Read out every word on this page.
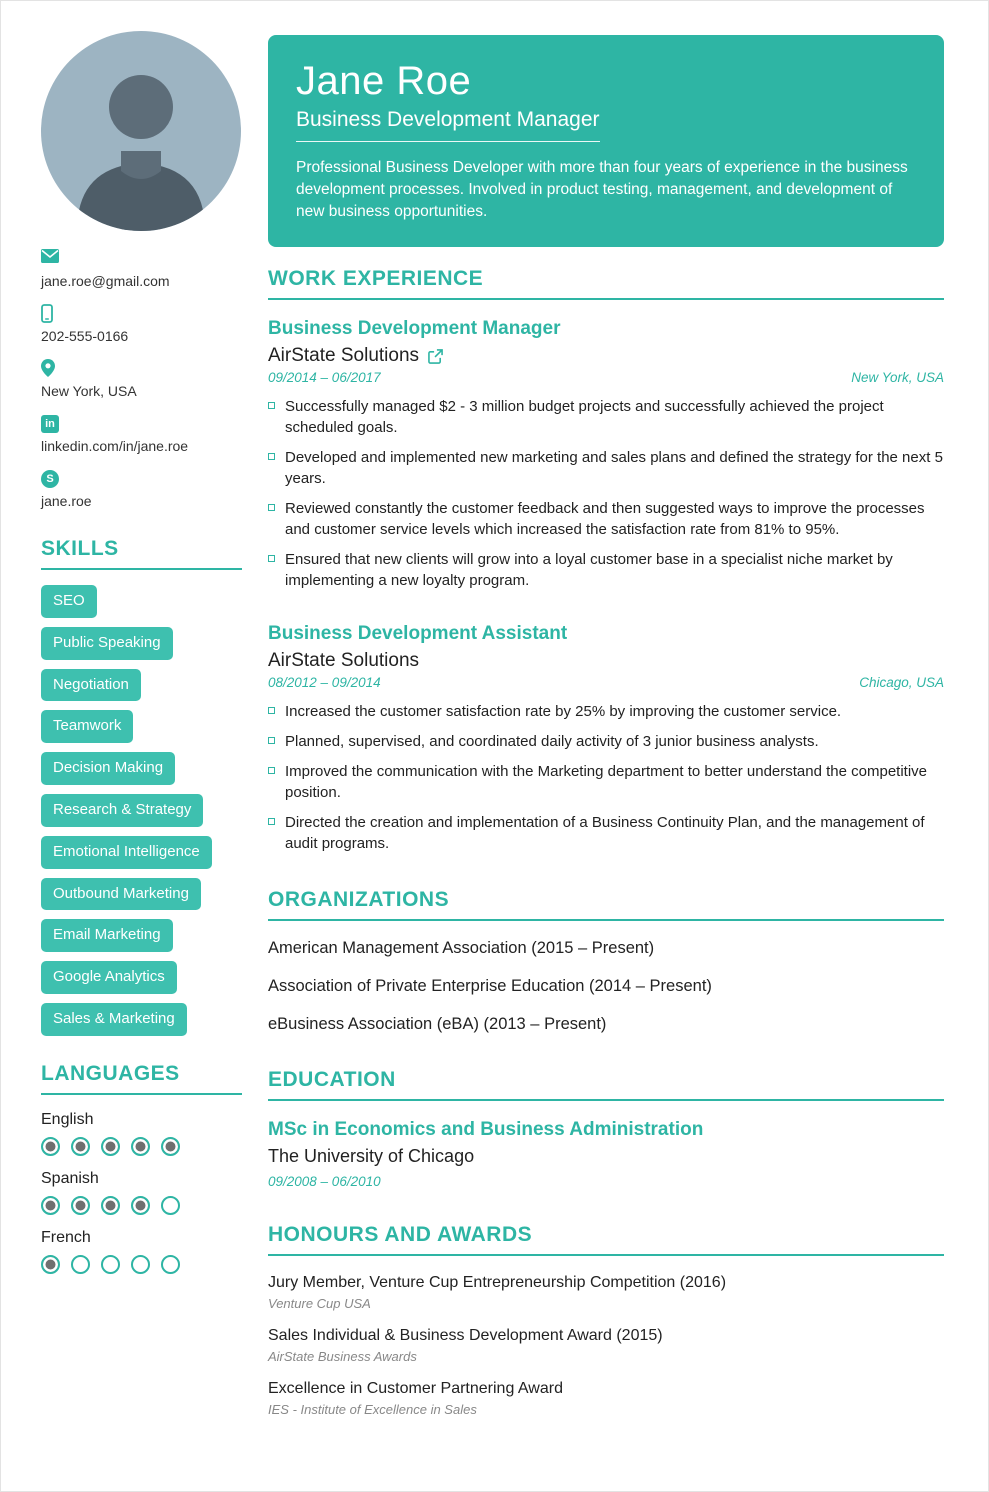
jane.roe@gmail.com
202-555-0166
New York, USA
in
linkedin.com/in/jane.roe
S
jane.roe
SKILLS
SEO
Public Speaking
Negotiation
Teamwork
Decision Making
Research & Strategy
Emotional Intelligence
Outbound Marketing
Email Marketing
Google Analytics
Sales & Marketing
LANGUAGES
English
Spanish
French
Jane Roe
Business Development Manager

Professional Business Developer with more than four years of experience in the business development processes. Involved in product testing, management, and development of new business opportunities.

WORK EXPERIENCE
Business Development Manager
AirState Solutions
09/2014 – 06/2017	New York, USA
Successfully managed $2 - 3 million budget projects and successfully achieved the project scheduled goals.
Developed and implemented new marketing and sales plans and defined the strategy for the next 5 years.
Reviewed constantly the customer feedback and then suggested ways to improve the processes and customer service levels which increased the satisfaction rate from 81% to 95%.
Ensured that new clients will grow into a loyal customer base in a specialist niche market by implementing a new loyalty program.
Business Development Assistant
AirState Solutions
08/2012 – 09/2014	Chicago, USA
Increased the customer satisfaction rate by 25% by improving the customer service.
Planned, supervised, and coordinated daily activity of 3 junior business analysts.
Improved the communication with the Marketing department to better understand the competitive position.
Directed the creation and implementation of a Business Continuity Plan, and the management of audit programs.
ORGANIZATIONS
American Management Association (2015 – Present)
Association of Private Enterprise Education (2014 – Present)
eBusiness Association (eBA) (2013 – Present)
EDUCATION
MSc in Economics and Business Administration
The University of Chicago
09/2008 – 06/2010
HONOURS AND AWARDS
Jury Member, Venture Cup Entrepreneurship Competition (2016)
Venture Cup USA
Sales Individual & Business Development Award (2015)
AirState Business Awards
Excellence in Customer Partnering Award
IES - Institute of Excellence in Sales
